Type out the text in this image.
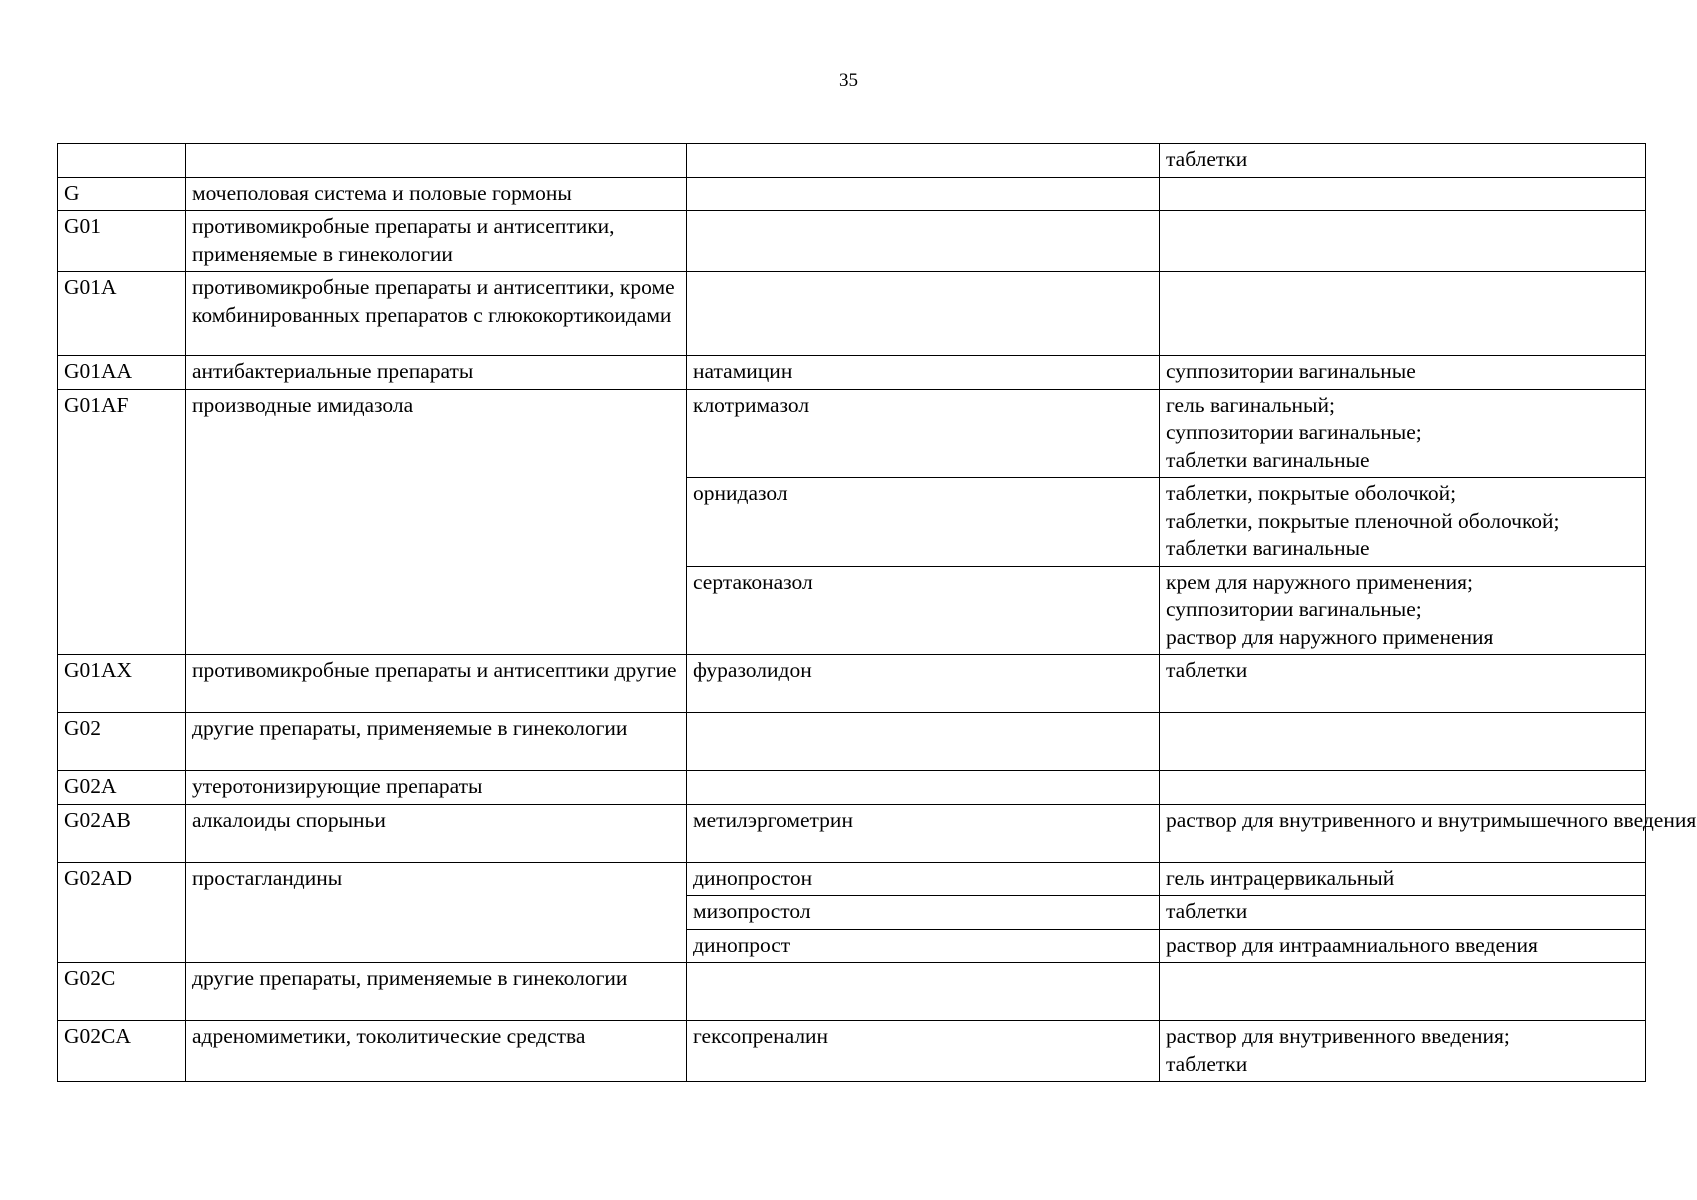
35

			таблетки

G	мочеполовая система и половые гормоны		
G01	противомикробные препараты и антисептики, применяемые в гинекологии		
G01A	противомикробные препараты и антисептики, кроме комбинированных препаратов с глюкокортикоидами		
G01AA	антибактериальные препараты	натамицин	суппозитории вагинальные

G01AF	производные имидазола	клотримазол	гель вагинальный;
суппозитории вагинальные;
таблетки вагинальные

		орнидазол	таблетки, покрытые оболочкой;
таблетки, покрытые пленочной оболочкой;
таблетки вагинальные

		сертаконазол	крем для наружного применения;
суппозитории вагинальные;
раствор для наружного применения

G01AX	противомикробные препараты и антисептики другие	фуразолидон	таблетки

G02	другие препараты, применяемые в гинекологии		
G02A	утеротонизирующие препараты		
G02AB	алкалоиды спорыньи	метилэргометрин	раствор для внутривенного и внутримышечного введения

G02AD	простагландины	динопростон	гель интрацервикальный

		мизопростол	таблетки

		динопрост	раствор для интраамниального введения

G02C	другие препараты, применяемые в гинекологии		
G02CA	адреномиметики, токолитические средства	гексопреналин	раствор для внутривенного введения;
таблетки
